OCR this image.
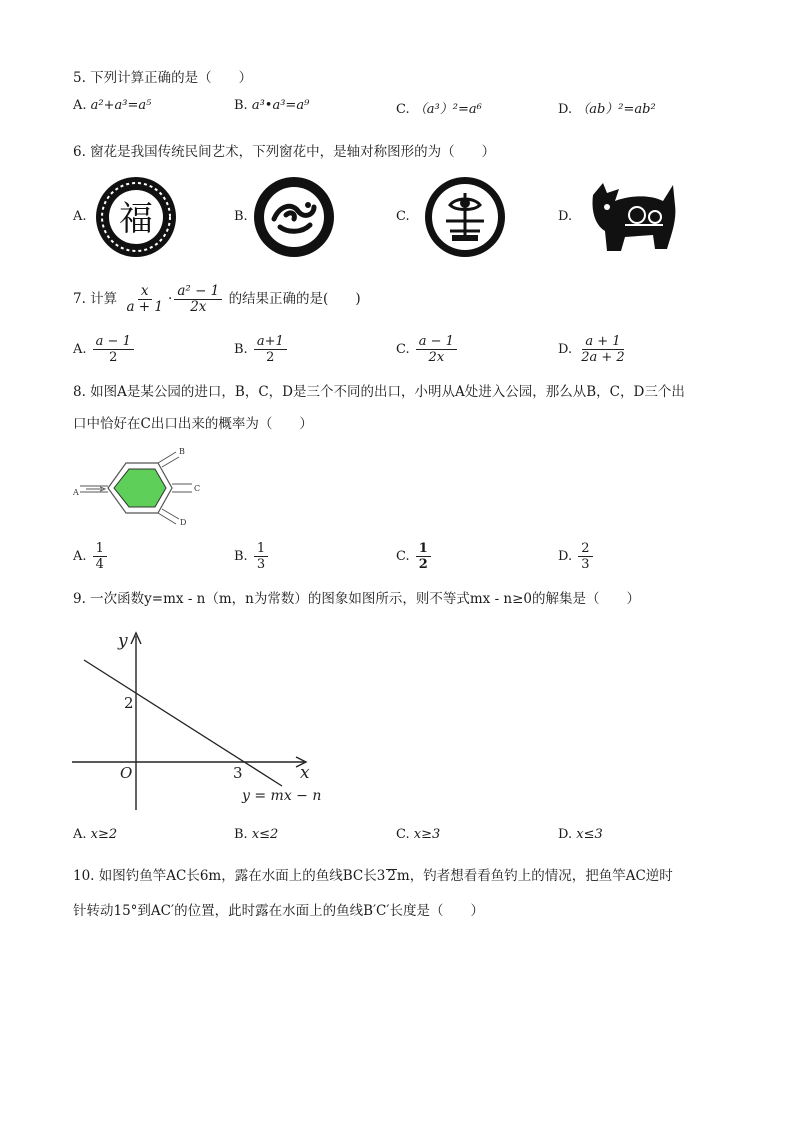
5. 下列计算正确的是（　　）
A. a²+a³=a⁵	B. a³•a³=a⁹	C. （a³）²=a⁶	D. （ab）²=ab²
6. 窗花是我国传统民间艺术，下列窗花中，是轴对称图形的为（　　）
A. 福	B.	C.	D.
7. 计算 $\frac{x}{a + 1} \cdot \frac{\text{a² − 1}}{2x}$ 的结果正确的是(　　)
A. $\frac{a - 1}{2}$	B. $\frac{a+1}{2}$	C. $\frac{a - 1}{2x}$	D. $\frac{a + 1}{2a + 2}$
8. 如图A是某公园的进口，B，C，D是三个不同的出口，小明从A处进入公园，那么从B，C，D三个出
口中恰好在C出口出来的概率为（　　）
A
B
C
D
A. $\frac{1}{4}$	B. $\frac{1}{3}$	C. $\frac{1}{2}$	D. $\frac{2}{3}$
9. 一次函数y=mx - n（m，n为常数）的图象如图所示，则不等式mx - n≥0的解集是（　　）
y
x
O
2
3
y = mx − n
A. x≥2	B. x≤2	C. x≥3	D. x≤3
10. 如图钓鱼竿AC长6m，露在水面上的鱼线BC长3 2m，钓者想看看鱼钓上的情况，把鱼竿AC逆时
针转动15°到AC′的位置，此时露在水面上的鱼线B′C′长度是（　　）
